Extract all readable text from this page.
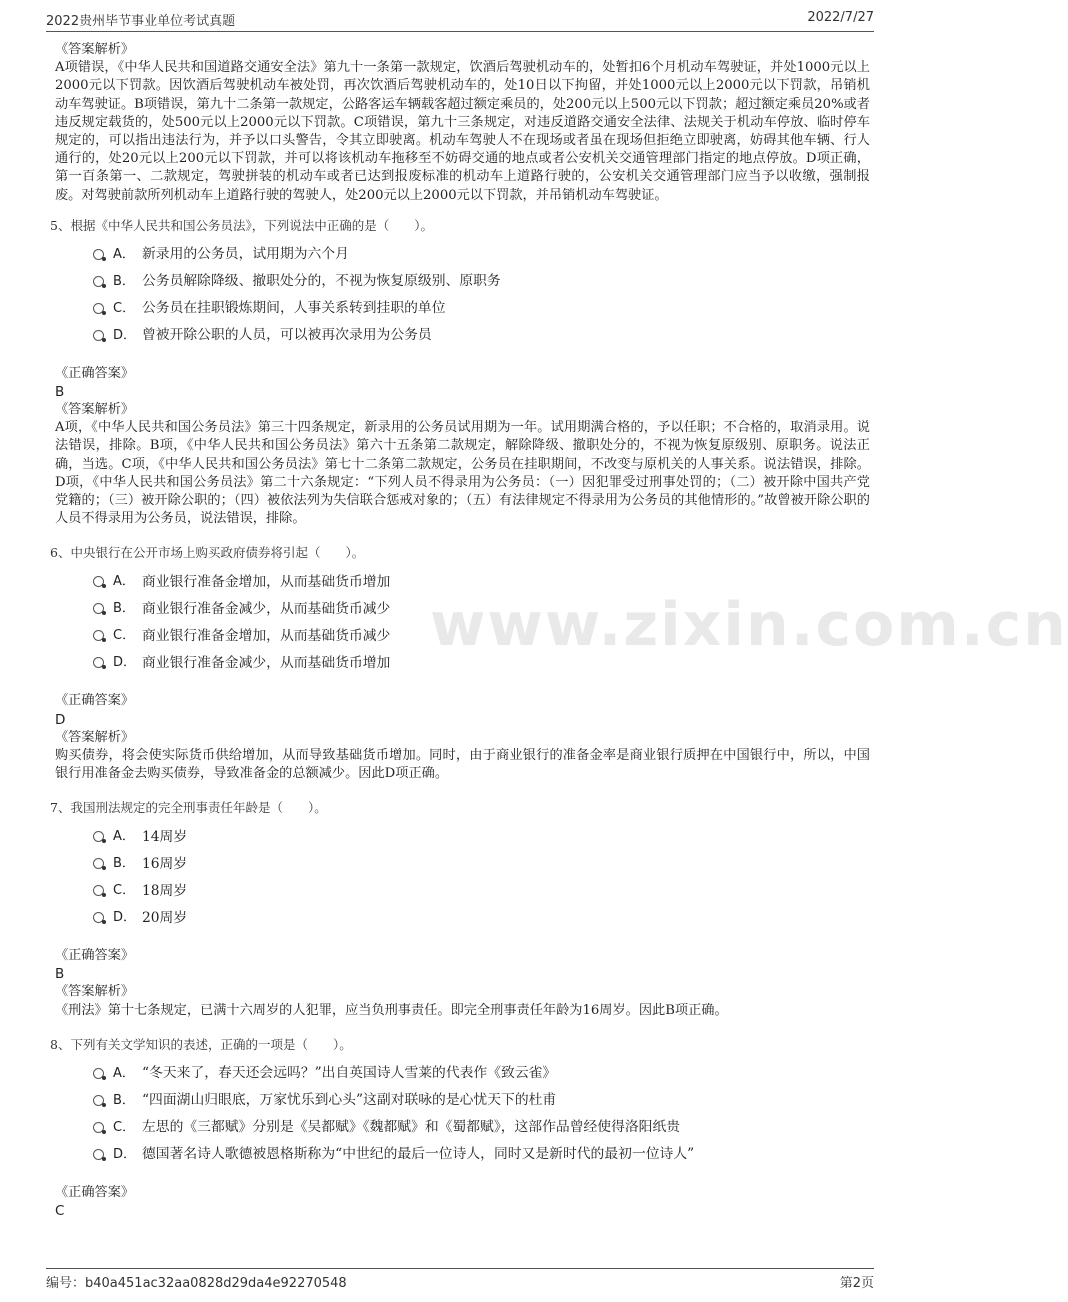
2022贵州毕节事业单位考试真题	2022/7/27
www.zixin.com.cn
《答案解析》

A项错误，《中华人民共和国道路交通安全法》第九十一条第一款规定，饮酒后驾驶机动车的，处暂扣6个月机动车驾驶证，并处1000元以上2000元以下罚款。因饮酒后驾驶机动车被处罚，再次饮酒后驾驶机动车的，处10日以下拘留，并处1000元以上2000元以下罚款，吊销机动车驾驶证。B项错误，第九十二条第一款规定，公路客运车辆载客超过额定乘员的，处200元以上500元以下罚款；超过额定乘员20%或者违反规定载货的，处500元以上2000元以下罚款。C项错误，第九十三条规定，对违反道路交通安全法律、法规关于机动车停放、临时停车规定的，可以指出违法行为，并予以口头警告，令其立即驶离。机动车驾驶人不在现场或者虽在现场但拒绝立即驶离，妨碍其他车辆、行人通行的，处20元以上200元以下罚款，并可以将该机动车拖移至不妨碍交通的地点或者公安机关交通管理部门指定的地点停放。D项正确，第一百条第一、二款规定，驾驶拼装的机动车或者已达到报废标准的机动车上道路行驶的，公安机关交通管理部门应当予以收缴，强制报废。对驾驶前款所列机动车上道路行驶的驾驶人，处200元以上2000元以下罚款，并吊销机动车驾驶证。

5、根据《中华人民共和国公务员法》，下列说法中正确的是（　　）。
A． 新录用的公务员，试用期为六个月
B． 公务员解除降级、撤职处分的，不视为恢复原级别、原职务
C． 公务员在挂职锻炼期间，人事关系转到挂职的单位
D． 曾被开除公职的人员，可以被再次录用为公务员
《正确答案》
B
《答案解析》

A项，《中华人民共和国公务员法》第三十四条规定，新录用的公务员试用期为一年。试用期满合格的，予以任职；不合格的，取消录用。说法错误，排除。B项，《中华人民共和国公务员法》第六十五条第二款规定，解除降级、撤职处分的，不视为恢复原级别、原职务。说法正确，当选。C项，《中华人民共和国公务员法》第七十二条第二款规定，公务员在挂职期间，不改变与原机关的人事关系。说法错误，排除。D项，《中华人民共和国公务员法》第二十六条规定：“下列人员不得录用为公务员：（一）因犯罪受过刑事处罚的；（二）被开除中国共产党党籍的；（三）被开除公职的；（四）被依法列为失信联合惩戒对象的；（五）有法律规定不得录用为公务员的其他情形的。”故曾被开除公职的人员不得录用为公务员，说法错误，排除。

6、中央银行在公开市场上购买政府债券将引起（　　）。
A． 商业银行准备金增加，从而基础货币增加
B． 商业银行准备金减少，从而基础货币减少
C． 商业银行准备金增加，从而基础货币减少
D． 商业银行准备金减少，从而基础货币增加
《正确答案》
D
《答案解析》

购买债券，将会使实际货币供给增加，从而导致基础货币增加。同时，由于商业银行的准备金率是商业银行质押在中国银行中，所以，中国银行用准备金去购买债券，导致准备金的总额减少。因此D项正确。

7、我国刑法规定的完全刑事责任年龄是（　　）。
A． 14周岁
B． 16周岁
C． 18周岁
D． 20周岁
《正确答案》
B
《答案解析》

《刑法》第十七条规定，已满十六周岁的人犯罪，应当负刑事责任。即完全刑事责任年龄为16周岁。因此B项正确。

8、下列有关文学知识的表述，正确的一项是（　　）。
A． “冬天来了，春天还会远吗？”出自英国诗人雪莱的代表作《致云雀》
B． “四面湖山归眼底，万家忧乐到心头”这副对联咏的是心忧天下的杜甫
C． 左思的《三都赋》分别是《吴都赋》《魏都赋》和《蜀都赋》，这部作品曾经使得洛阳纸贵
D． 德国著名诗人歌德被恩格斯称为“中世纪的最后一位诗人，同时又是新时代的最初一位诗人”
《正确答案》
C
编号：b40a451ac32aa0828d29da4e92270548	第2页
